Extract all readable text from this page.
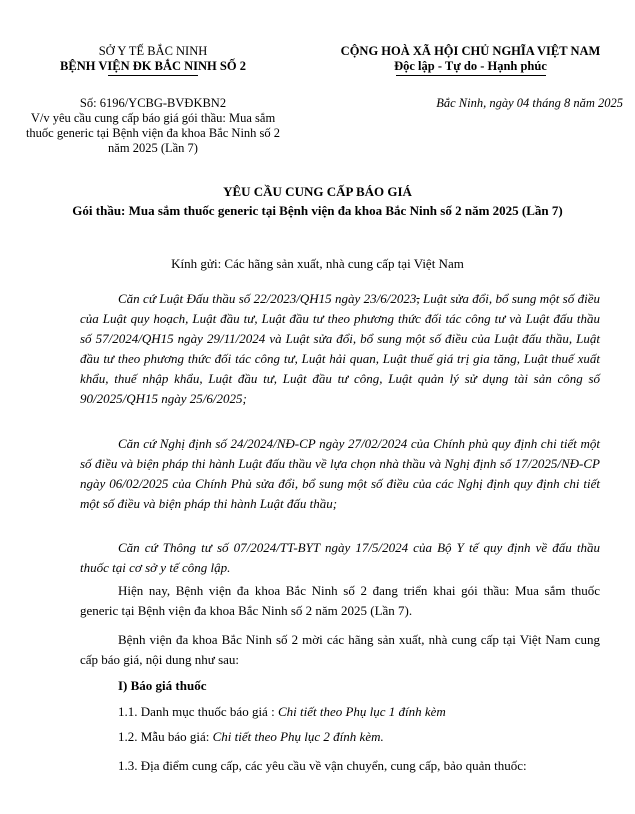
SỞ Y TẾ BẮC NINH
BỆNH VIỆN ĐK BẮC NINH SỐ 2
CỘNG HOÀ XÃ HỘI CHỦ NGHĨA VIỆT NAM
Độc lập - Tự do - Hạnh phúc
Số: 6196/YCBG-BVĐKBN2
V/v yêu cầu cung cấp báo giá gói thầu: Mua sắm thuốc generic tại Bệnh viện đa khoa Bắc Ninh số 2 năm 2025 (Lần 7)
Bắc Ninh, ngày 04 tháng 8 năm 2025
YÊU CẦU CUNG CẤP BÁO GIÁ
Gói thầu: Mua sắm thuốc generic tại Bệnh viện đa khoa Bắc Ninh số 2 năm 2025 (Lần 7)
Kính gửi: Các hãng sản xuất, nhà cung cấp tại Việt Nam
Căn cứ Luật Đấu thầu số 22/2023/QH15 ngày 23/6/2023, Luật sửa đổi, bổ sung một số điều của Luật quy hoạch, Luật đầu tư, Luật đầu tư theo phương thức đối tác công tư và Luật đấu thầu số 57/2024/QH15 ngày 29/11/2024 và Luật sửa đổi, bổ sung một số điều của Luật đấu thầu, Luật đầu tư theo phương thức đối tác công tư, Luật hải quan, Luật thuế giá trị gia tăng, Luật thuế xuất khẩu, thuế nhập khẩu, Luật đầu tư, Luật đầu tư công, Luật quản lý sử dụng tài sản công số 90/2025/QH15 ngày 25/6/2025;
Căn cứ Nghị định số 24/2024/NĐ-CP ngày 27/02/2024 của Chính phủ quy định chi tiết một số điều và biện pháp thi hành Luật đấu thầu về lựa chọn nhà thầu và Nghị định số 17/2025/NĐ-CP ngày 06/02/2025 của Chính Phủ sửa đổi, bổ sung một số điều của các Nghị định quy định chi tiết một số điều và biện pháp thi hành Luật đấu thầu;
Căn cứ Thông tư số 07/2024/TT-BYT ngày 17/5/2024 của Bộ Y tế quy định về đấu thầu thuốc tại cơ sở y tế công lập.
Hiện nay, Bệnh viện đa khoa Bắc Ninh số 2 đang triển khai gói thầu: Mua sắm thuốc generic tại Bệnh viện đa khoa Bắc Ninh số 2 năm 2025 (Lần 7).
Bệnh viện đa khoa Bắc Ninh số 2 mời các hãng sản xuất, nhà cung cấp tại Việt Nam cung cấp báo giá, nội dung như sau:
I) Báo giá thuốc
1.1. Danh mục thuốc báo giá : Chi tiết theo Phụ lục 1 đính kèm
1.2. Mẫu báo giá: Chi tiết theo Phụ lục 2 đính kèm.
1.3. Địa điểm cung cấp, các yêu cầu về vận chuyển, cung cấp, bảo quản thuốc:
